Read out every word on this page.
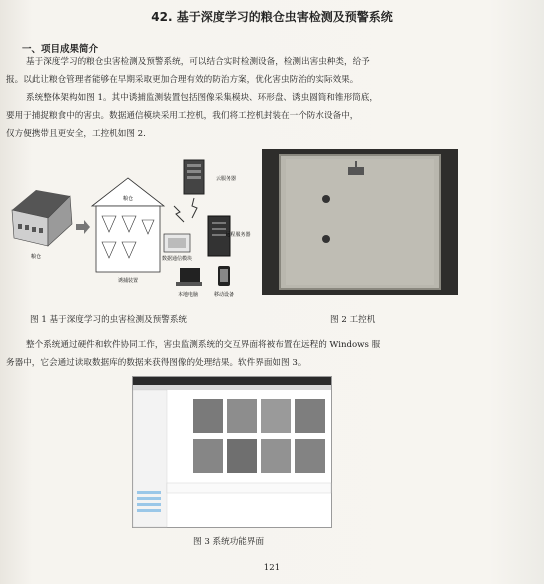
42. 基于深度学习的粮仓虫害检测及预警系统
一、项目成果简介

基于深度学习的粮仓虫害检测及预警系统，可以结合实时检测设备，检测出害虫种类，给予

报。以此让粮仓管理者能够在早期采取更加合理有效的防治方案，优化害虫防治的实际效果。

系统整体架构如图 1。其中诱捕监测装置包括图像采集模块、环形盘、诱虫圆筒和锥形筒底，

要用于捕捉粮食中的害虫。数据通信模块采用工控机，我们将工控机封装在一个防水设备中，

仅方便携带且更安全，工控机如图 2.

粮仓
粮仓
诱捕装置
云服务器
数据通信模块
远程服务器
本地电脑	移动设备
图 1 基于深度学习的虫害检测及预警系统	图 2 工控机

整个系统通过硬件和软件协同工作，害虫监测系统的交互界面将被布置在远程的 Windows 服

务器中，它会通过读取数据库的数据来获得图像的处理结果。软件界面如图 3。

图 3 系统功能界面
121
